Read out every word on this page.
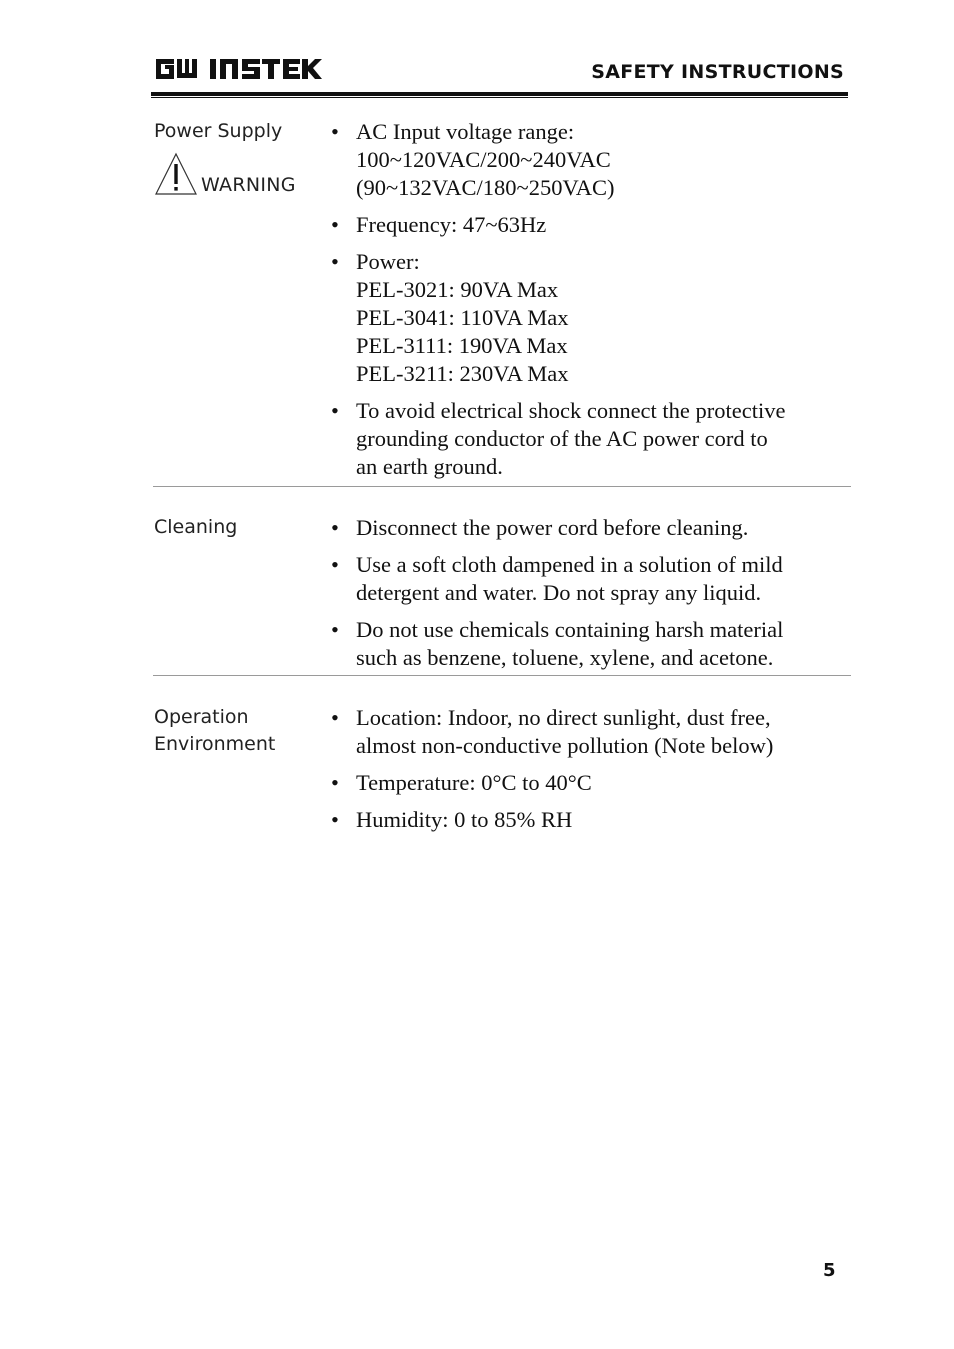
SAFETY INSTRUCTIONS
Power Supply
WARNING
• AC Input voltage range:
100~120VAC/200~240VAC
(90~132VAC/180~250VAC)
• Frequency: 47~63Hz
• Power:
PEL-3021: 90VA Max
PEL-3041: 110VA Max
PEL-3111: 190VA Max
PEL-3211: 230VA Max
• To avoid electrical shock connect the protective
grounding conductor of the AC power cord to
an earth ground.
Cleaning	• Disconnect the power cord before cleaning.
• Use a soft cloth dampened in a solution of mild
detergent and water. Do not spray any liquid.
• Do not use chemicals containing harsh material
such as benzene, toluene, xylene, and acetone.
Operation
Environment
• Location: Indoor, no direct sunlight, dust free,
almost non-conductive pollution (Note below)
• Temperature: 0°C to 40°C
• Humidity: 0 to 85% RH
5
